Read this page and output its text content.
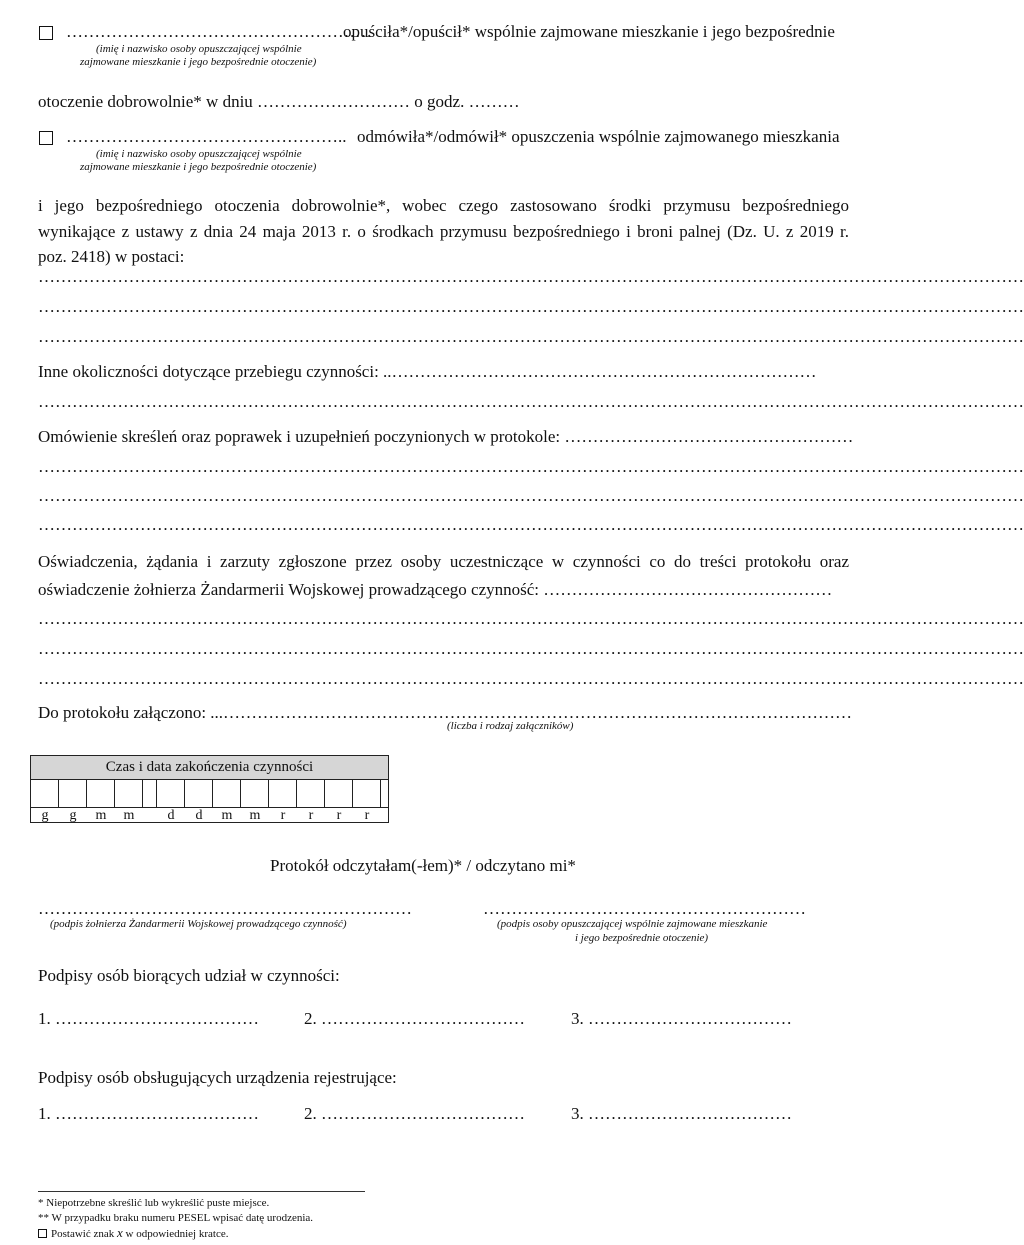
………………………………………………
opuściła*/opuścił* wspólnie zajmowane mieszkanie i jego bezpośrednie
(imię i nazwisko osoby opuszczającej wspólnie
zajmowane mieszkanie i jego bezpośrednie otoczenie)
otoczenie dobrowolnie* w dniu ……………………… o godz. ………
………………………………………….. odmówiła*/odmówił* opuszczenia wspólnie zajmowanego mieszkania
(imię i nazwisko osoby opuszczającej wspólnie
zajmowane mieszkanie i jego bezpośrednie otoczenie)
i jego bezpośredniego otoczenia dobrowolnie*, wobec czego zastosowano środki przymusu bezpośredniego
wynikające z ustawy z dnia 24 maja 2013 r. o środkach przymusu bezpośredniego i broni palnej (Dz. U. z 2019 r.
poz. 2418) w postaci:
…………………………………………………………………………………………………………………………………………………………
…………………………………………………………………………………………………………………………………………………………
…………………………………………………………………………………………………………………………………………………………
Inne okoliczności dotyczące przebiegu czynności: ..…………………………………………………………………
…………………………………………………………………………………………………………………………………………………………
Omówienie skreśleń oraz poprawek i uzupełnień poczynionych w protokole: ……………………………………………
…………………………………………………………………………………………………………………………………………………………
…………………………………………………………………………………………………………………………………………………………
…………………………………………………………………………………………………………………………………………………………
Oświadczenia, żądania i zarzuty zgłoszone przez osoby uczestniczące w czynności co do treści protokołu oraz
oświadczenie żołnierza Żandarmerii Wojskowej prowadzącego czynność: ……………………………………………
…………………………………………………………………………………………………………………………………………………………
…………………………………………………………………………………………………………………………………………………………
…………………………………………………………………………………………………………………………………………………………
Do protokołu załączono: ...…………………………………………………………………………………………………
(liczba i rodzaj załączników)
Czas i data zakończenia czynności
g	g	m	m	d	d	m	m	r	r	r	r
Protokół odczytałam(-łem)* / odczytano mi*
…………………………………………………………
(podpis żołnierza Żandarmerii Wojskowej prowadzącego czynność)
…………………………………………………
(podpis osoby opuszczającej wspólnie zajmowane mieszkanie
i jego bezpośrednie otoczenie)
Podpisy osób biorących udział w czynności:
1. ………………………………	2. ………………………………	3. ………………………………
Podpisy osób obsługujących urządzenia rejestrujące:
1. ………………………………	2. ………………………………	3. ………………………………
* Niepotrzebne skreślić lub wykreślić puste miejsce.
** W przypadku braku numeru PESEL wpisać datę urodzenia.
Postawić znak x w odpowiedniej kratce.
